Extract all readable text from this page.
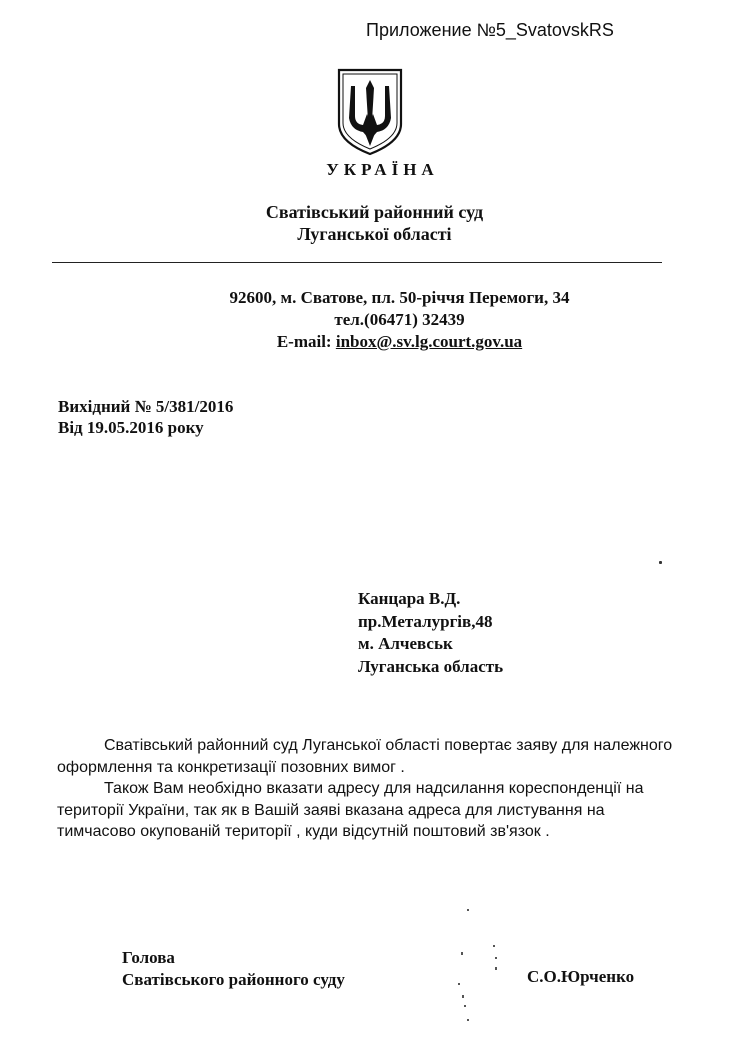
Приложение №5_SvatovskRS
УКРАЇНА
Сватівський районний суд
Луганської області
92600, м. Сватове, пл. 50-річчя Перемоги, 34
тел.(06471) 32439
E-mail: inbox@.sv.lg.court.gov.ua
Вихідний № 5/381/2016
Від 19.05.2016 року
Канцара В.Д.
пр.Металургів,48
м. Алчевськ
Луганська область

Сватівський районний суд Луганської області повертає заяву для належного оформлення та конкретизації позовних вимог .

Також Вам необхідно вказати адресу для надсилання кореспонденції на території України, так як в Вашій заяві вказана адреса для листування на тимчасово окупованій території , куди відсутній поштовий зв'язок .

Голова
Сватівського районного суду	С.О.Юрченко
